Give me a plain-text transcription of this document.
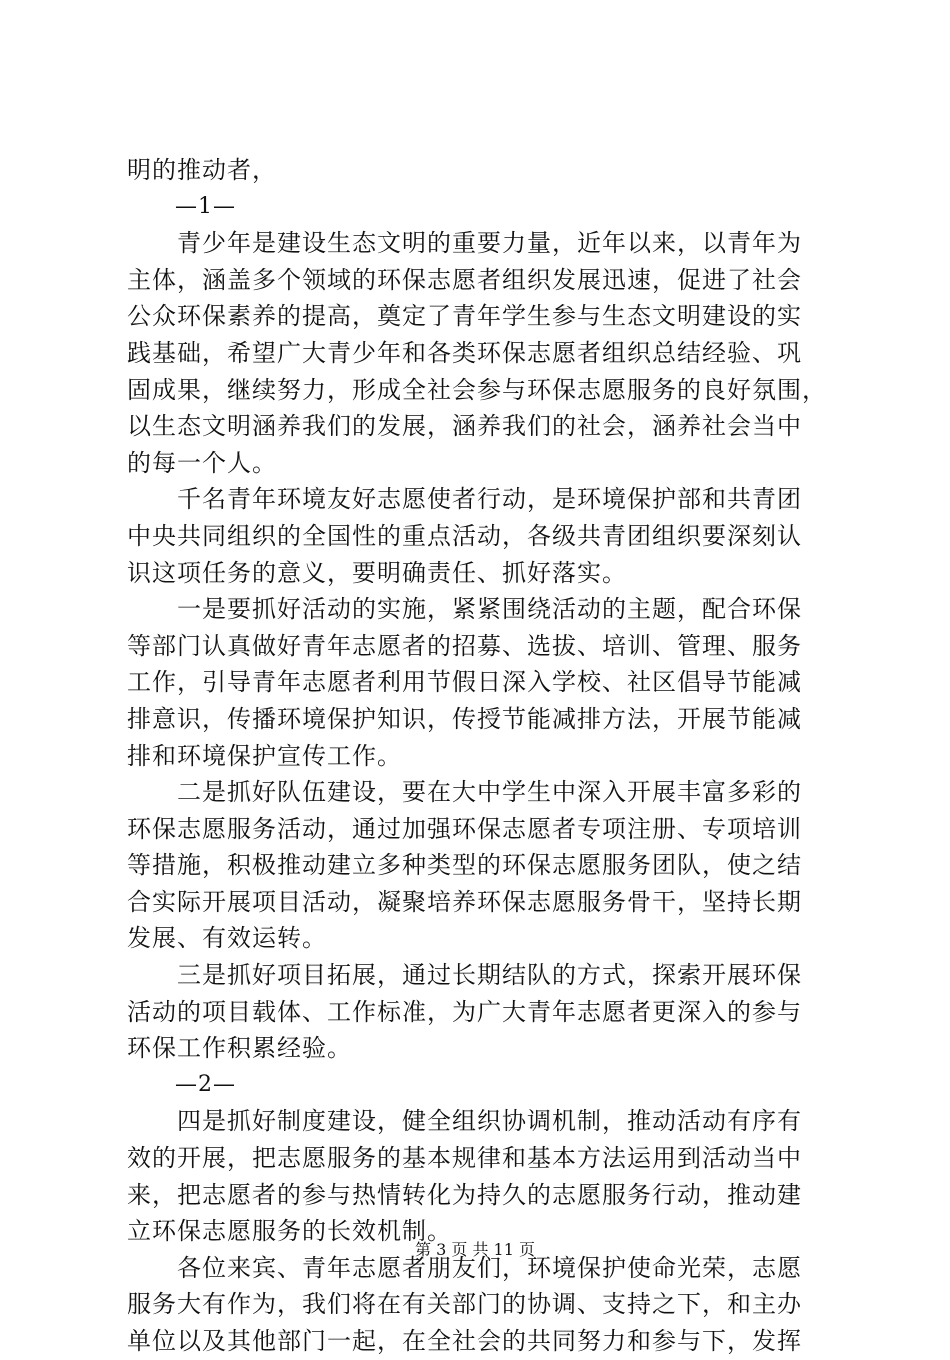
明的推动者，
—1—
　　青少年是建设生态文明的重要力量，近年以来，以青年为
主体，涵盖多个领域的环保志愿者组织发展迅速，促进了社会
公众环保素养的提高，奠定了青年学生参与生态文明建设的实
践基础，希望广大青少年和各类环保志愿者组织总结经验、巩
固成果，继续努力，形成全社会参与环保志愿服务的良好氛围，
以生态文明涵养我们的发展，涵养我们的社会，涵养社会当中
的每一个人。
　　千名青年环境友好志愿使者行动，是环境保护部和共青团
中央共同组织的全国性的重点活动，各级共青团组织要深刻认
识这项任务的意义，要明确责任、抓好落实。
　　一是要抓好活动的实施，紧紧围绕活动的主题，配合环保
等部门认真做好青年志愿者的招募、选拔、培训、管理、服务
工作，引导青年志愿者利用节假日深入学校、社区倡导节能减
排意识，传播环境保护知识，传授节能减排方法，开展节能减
排和环境保护宣传工作。
　　二是抓好队伍建设，要在大中学生中深入开展丰富多彩的
环保志愿服务活动，通过加强环保志愿者专项注册、专项培训
等措施，积极推动建立多种类型的环保志愿服务团队，使之结
合实际开展项目活动，凝聚培养环保志愿服务骨干，坚持长期
发展、有效运转。
　　三是抓好项目拓展，通过长期结队的方式，探索开展环保
活动的项目载体、工作标准，为广大青年志愿者更深入的参与
环保工作积累经验。
—2—
　　四是抓好制度建设，健全组织协调机制，推动活动有序有
效的开展，把志愿服务的基本规律和基本方法运用到活动当中
来，把志愿者的参与热情转化为持久的志愿服务行动，推动建
立环保志愿服务的长效机制。
　　各位来宾、青年志愿者朋友们，环境保护使命光荣，志愿
服务大有作为，我们将在有关部门的协调、支持之下，和主办
单位以及其他部门一起，在全社会的共同努力和参与下，发挥
第 3 页 共 11 页
